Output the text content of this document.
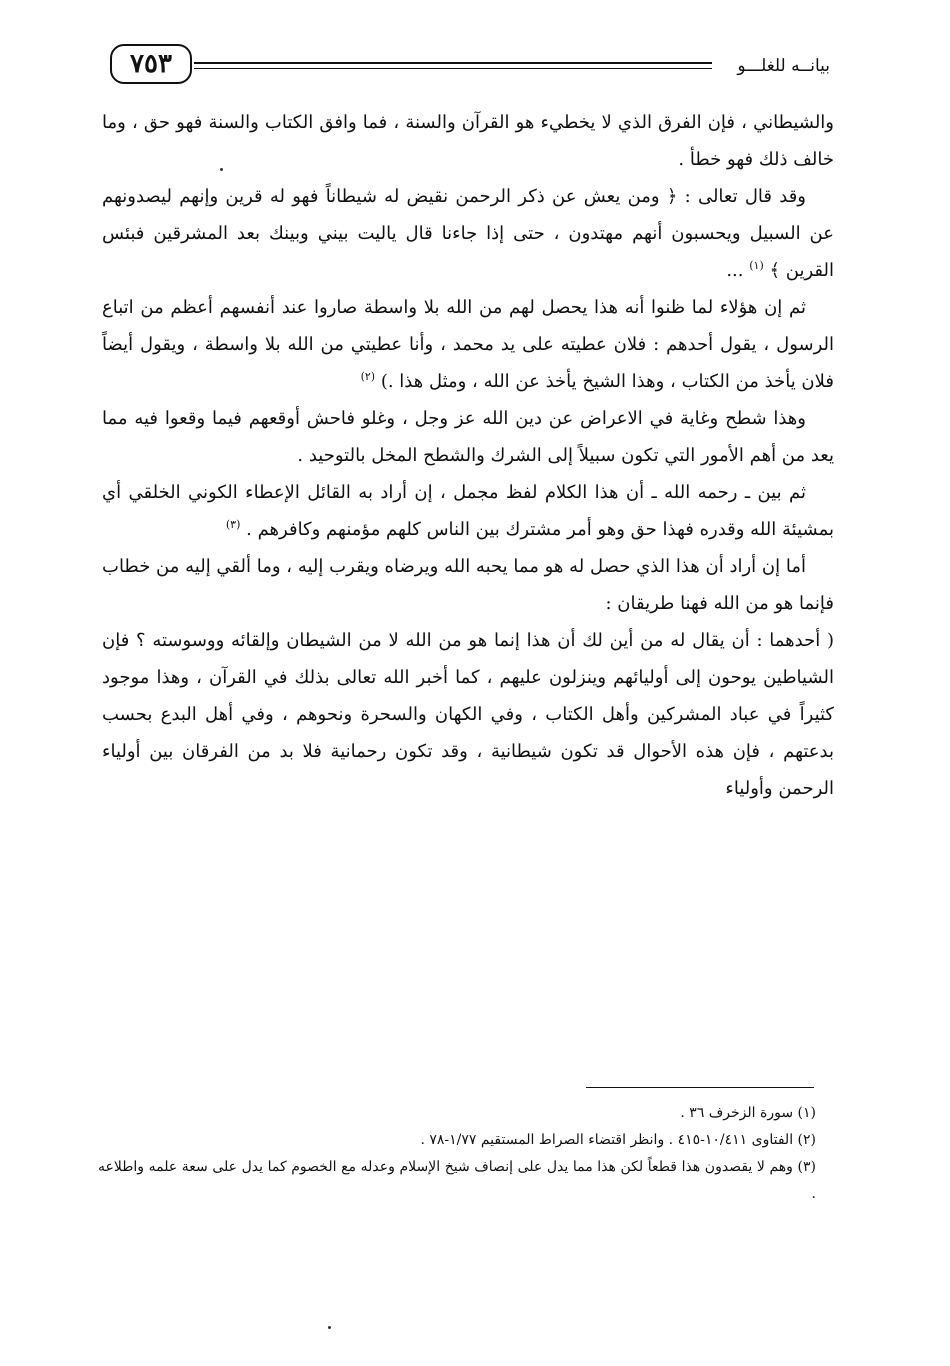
٧٥٣	بيانــه للغلـــو

والشيطاني ، فإن الفرق الذي لا يخطيء هو القرآن والسنة ، فما وافق الكتاب والسنة فهو حق ، وما خالف ذلك فهو خطأ .

وقد قال تعالى : ﴿ ومن يعش عن ذكر الرحمن نقيض له شيطاناً فهو له قرين وإنهم ليصدونهم عن السبيل ويحسبون أنهم مهتدون ، حتى إذا جاءنا قال ياليت بيني وبينك بعد المشرقين فبئس القرين ﴾ $^{(١)}$ ...

ثم إن هؤلاء لما ظنوا أنه هذا يحصل لهم من الله بلا واسطة صاروا عند أنفسهم أعظم من اتباع الرسول ، يقول أحدهم : فلان عطيته على يد محمد ، وأنا عطيتي من الله بلا واسطة ، ويقول أيضاً فلان يأخذ من الكتاب ، وهذا الشيخ يأخذ عن الله ، ومثل هذا .) $^{(٢)}$

وهذا شطح وغاية في الاعراض عن دين الله عز وجل ، وغلو فاحش أوقعهم فيما وقعوا فيه مما يعد من أهم الأمور التي تكون سبيلاً إلى الشرك والشطح المخل بالتوحيد .

ثم بين ـ رحمه الله ـ أن هذا الكلام لفظ مجمل ، إن أراد به القائل الإعطاء الكوني الخلقي أي بمشيئة الله وقدره فهذا حق وهو أمر مشترك بين الناس كلهم مؤمنهم وكافرهم . $^{(٣)}$

أما إن أراد أن هذا الذي حصل له هو مما يحبه الله ويرضاه ويقرب إليه ، وما ألقي إليه من خطاب فإنما هو من الله فهنا طريقان :

( أحدهما : أن يقال له من أين لك أن هذا إنما هو من الله لا من الشيطان وإلقائه ووسوسته ؟ فإن الشياطين يوحون إلى أوليائهم وينزلون عليهم ، كما أخبر الله تعالى بذلك في القرآن ، وهذا موجود كثيراً في عباد المشركين وأهل الكتاب ، وفي الكهان والسحرة ونحوهم ، وفي أهل البدع بحسب بدعتهم ، فإن هذه الأحوال قد تكون شيطانية ، وقد تكون رحمانية فلا بد من الفرقان بين أولياء الرحمن وأولياء

(١) سورة الزخرف ٣٦ .

(٢) الفتاوى ١٠/٤١١-٤١٥ . وانظر اقتضاء الصراط المستقيم ١/٧٧-٧٨ .

(٣) وهم لا يقصدون هذا قطعاً لكن هذا مما يدل على إنصاف شيخ الإسلام وعدله مع الخصوم كما يدل على سعة علمه واطلاعه .
